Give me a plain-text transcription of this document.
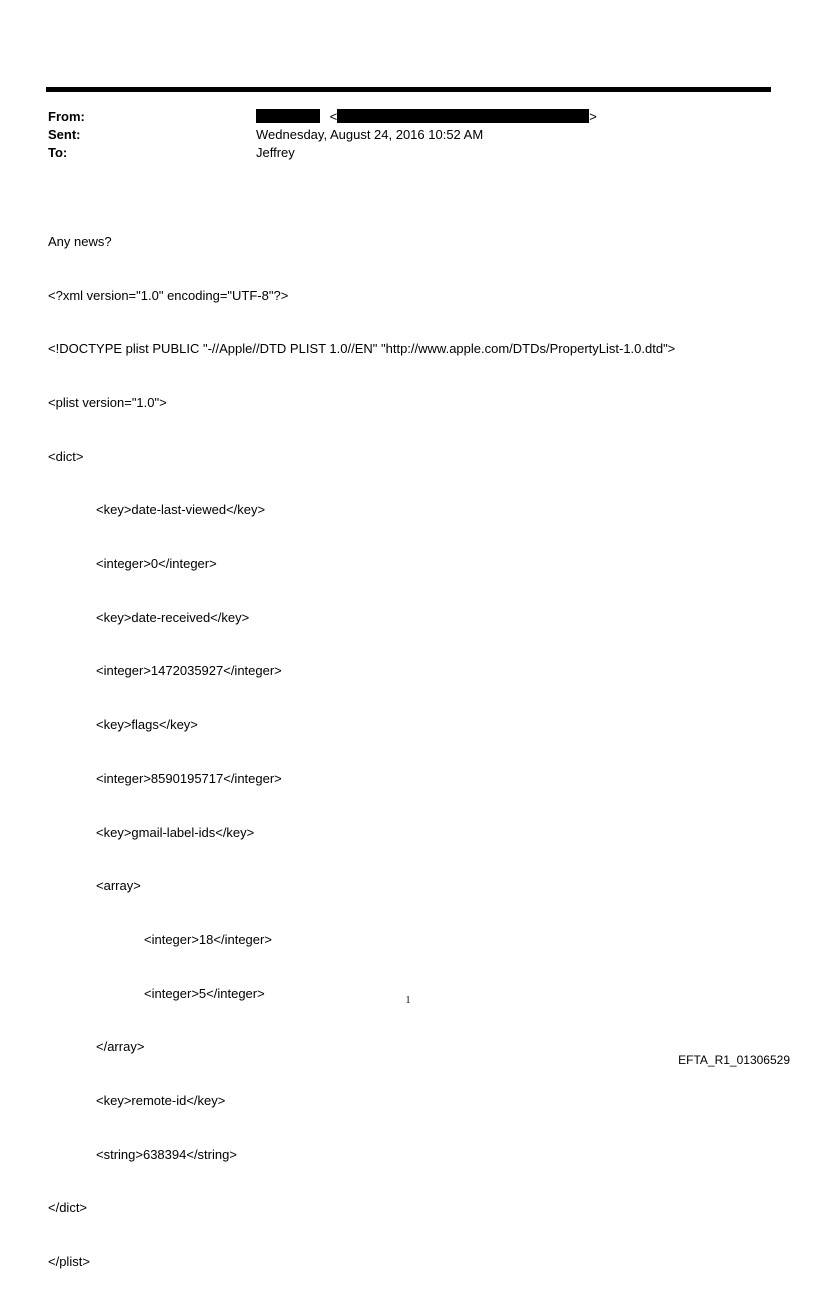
From:	<	>
Sent:	Wednesday, August 24, 2016 10:52 AM
To:	Jeffrey

Any news?

<?xml version="1.0" encoding="UTF-8"?>

<!DOCTYPE plist PUBLIC "-//Apple//DTD PLIST 1.0//EN" "http://www.apple.com/DTDs/PropertyList-1.0.dtd">

<plist version="1.0">

<dict>

<key>date-last-viewed</key>

<integer>0</integer>

<key>date-received</key>

<integer>1472035927</integer>

<key>flags</key>

<integer>8590195717</integer>

<key>gmail-label-ids</key>

<array>

<integer>18</integer>

<integer>5</integer>

</array>

<key>remote-id</key>

<string>638394</string>

</dict>

</plist>

1
EFTA_R1_01306529
